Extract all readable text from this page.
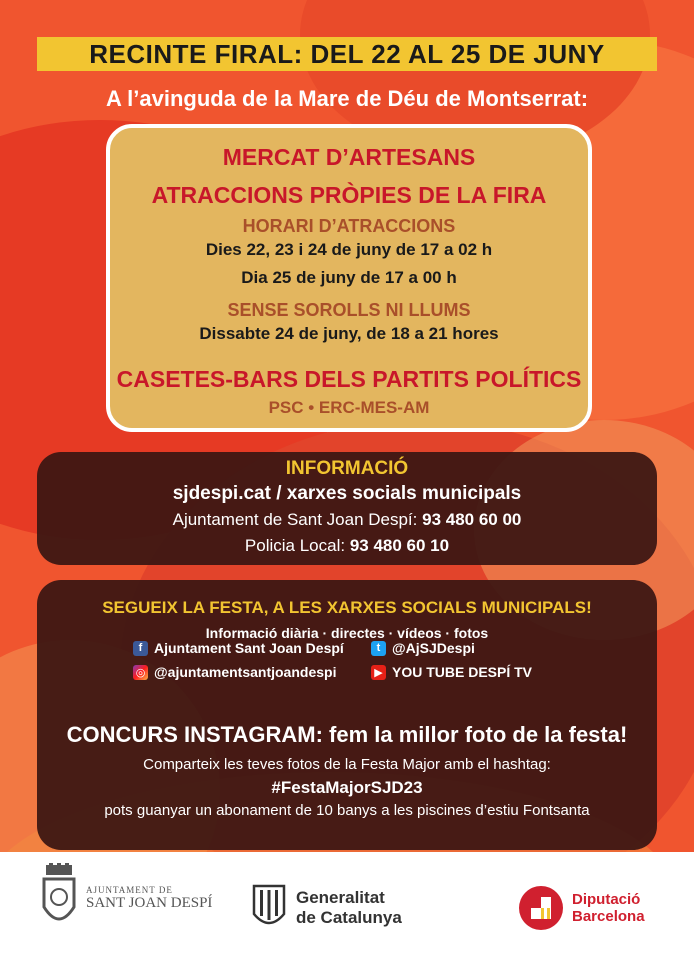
RECINTE FIRAL: DEL 22 AL 25 DE JUNY
A l’avinguda de la Mare de Déu de Montserrat:
MERCAT D’ARTESANS
ATRACCIONS PRÒPIES DE LA FIRA
HORARI D’ATRACCIONS
Dies 22, 23 i 24 de juny de 17 a 02 h
Dia 25 de juny de 17 a 00 h
SENSE SOROLLS NI LLUMS
Dissabte 24 de juny, de 18 a 21 hores
CASETES-BARS DELS PARTITS POLÍTICS
PSC • ERC-MES-AM
INFORMACIÓ
sjdespi.cat / xarxes socials municipals
Ajuntament de Sant Joan Despí: 93 480 60 00
Policia Local: 93 480 60 10
SEGUEIX LA FESTA, A LES XARXES SOCIALS MUNICIPALS!
Informació diària · directes · vídeos · fotos
f Ajuntament Sant Joan Despí
◎ @ajuntamentsantjoandespi
t @AjSJDespi
▶ YOU TUBE DESPÍ TV
CONCURS INSTAGRAM: fem la millor foto de la festa!
Comparteix les teves fotos de la Festa Major amb el hashtag:
#FestaMajorSJD23
pots guanyar un abonament de 10 banys a les piscines d’estiu Fontsanta
AJUNTAMENT DE
SANT JOAN DESPÍ	Generalitat
de Catalunya
Diputació
Barcelona
